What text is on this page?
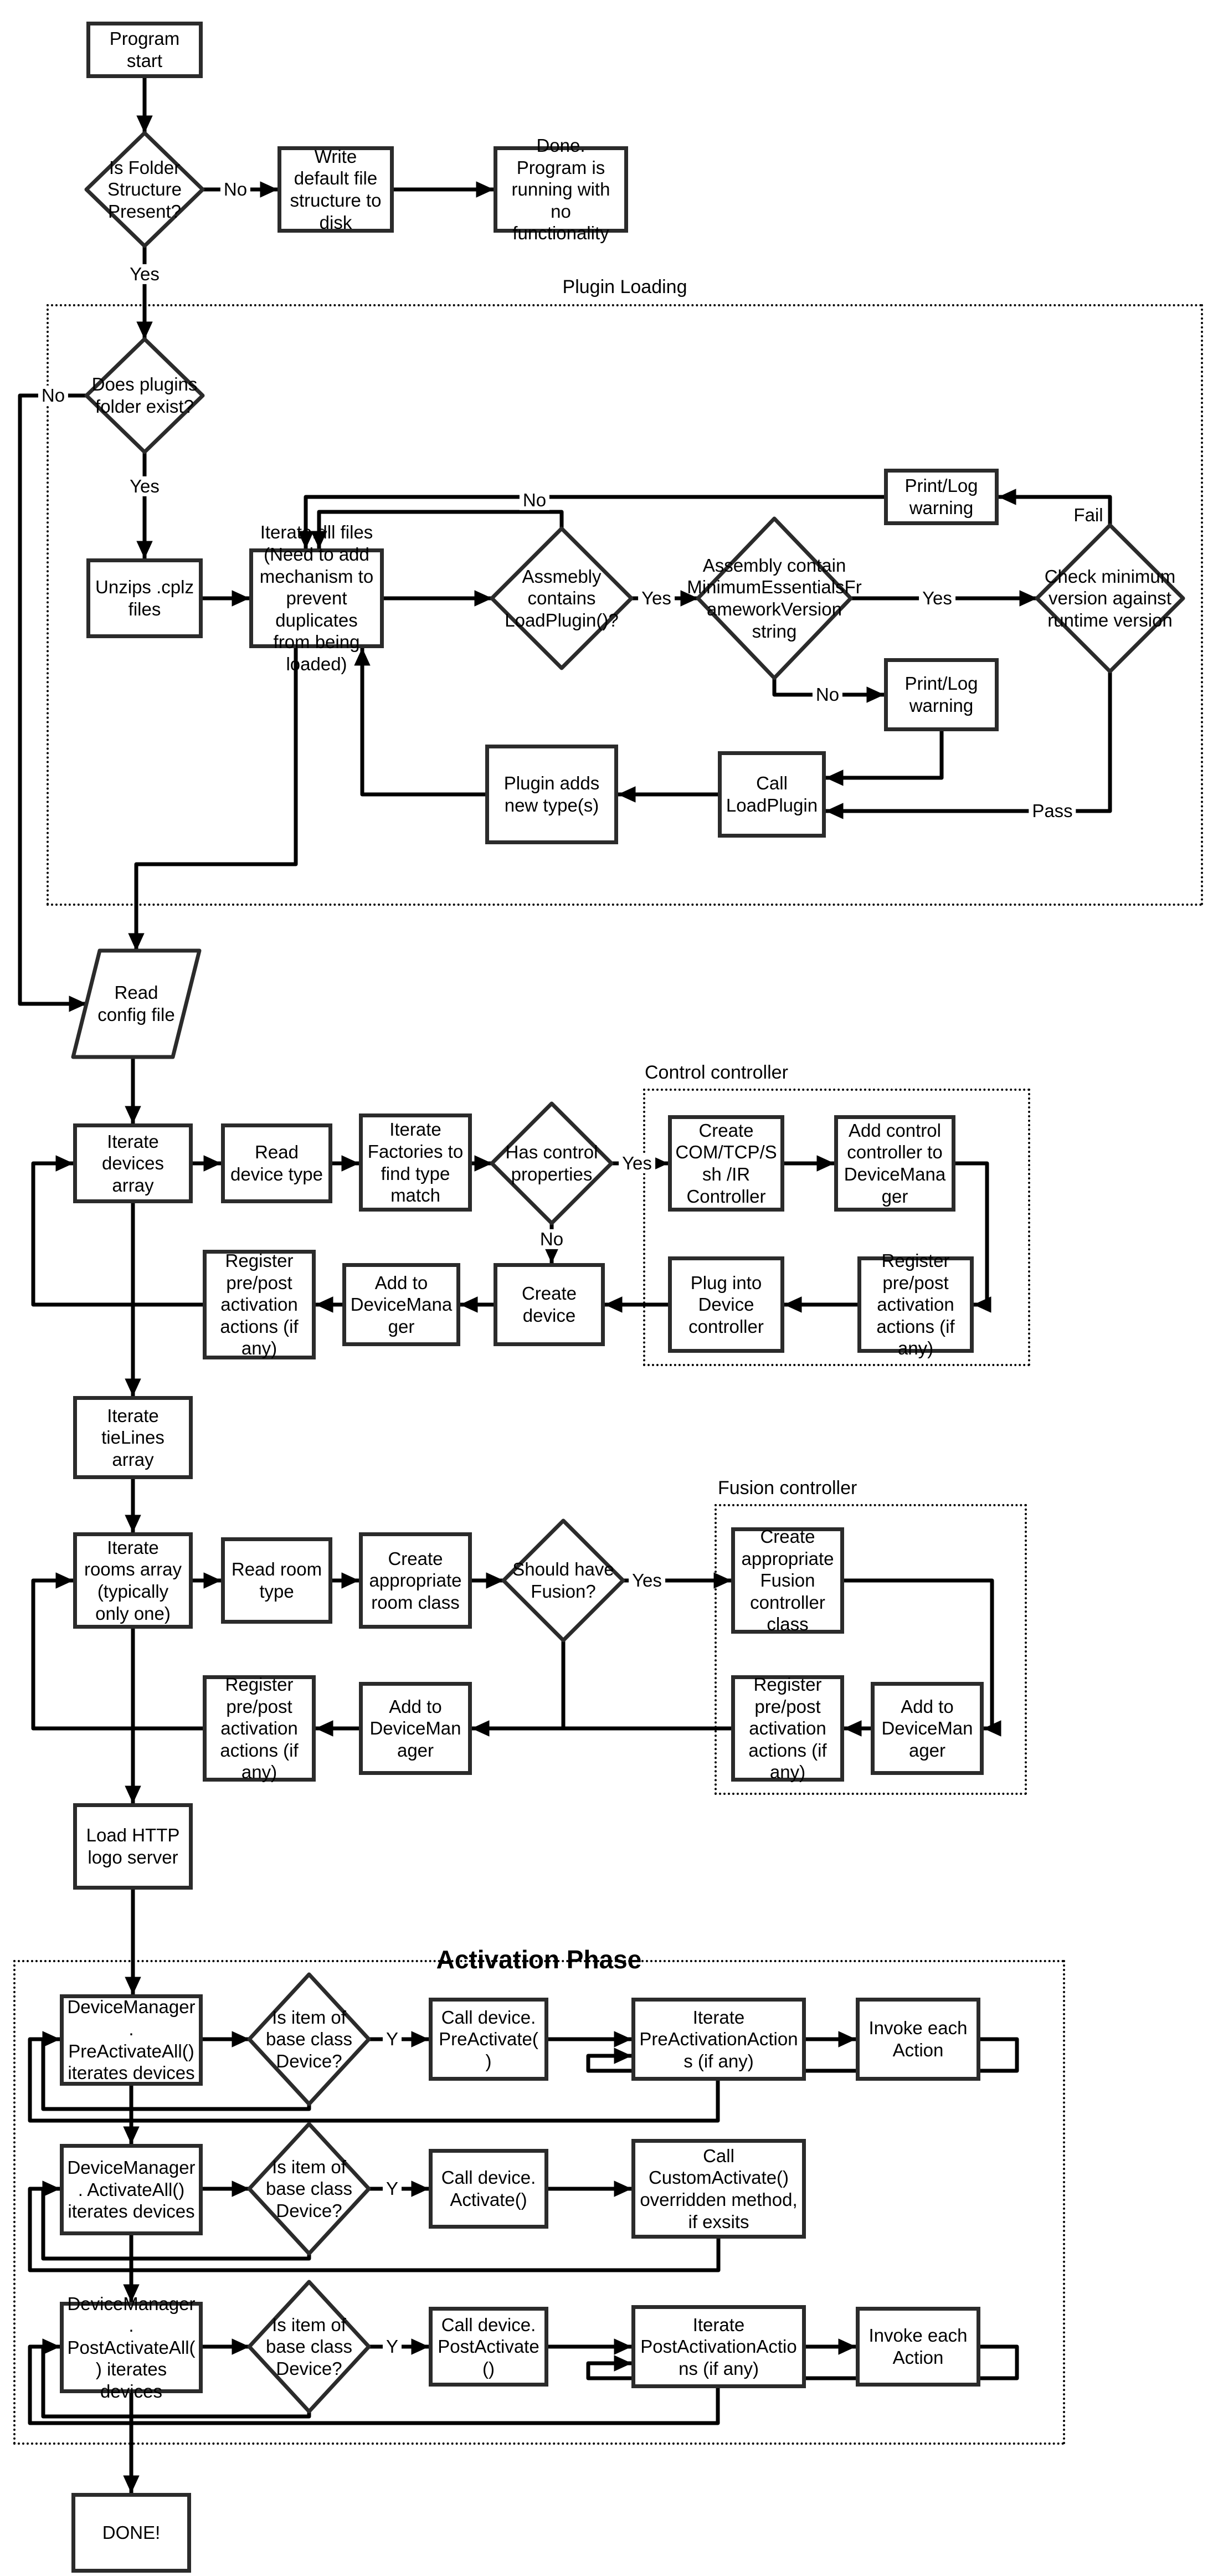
Program start
Write default file structure to disk
Done. Program is running with no functionality
Unzips .cplz files
Iterate.dll files (Need to add mechanism to prevent duplicates from being loaded)
Print/Log warning
Print/Log warning
Call LoadPlugin
Plugin adds new type(s)
Iterate devices array
Read device type
Iterate Factories to find type match
Create COM/TCP/Ssh /IR Controller
Add control controller to DeviceManager
Register pre/post activation actions (if any)
Plug into Device controller
Create device
Add to DeviceManager
Register pre/post activation actions (if any)
Iterate tieLines array
Iterate rooms array (typically only one)
Read room type
Create appropriate room class
Create appropriate Fusion controller class
Register pre/post activation actions (if any)
Add to DeviceManager
Add to DeviceManager
Register pre/post activation actions (if any)
Load HTTP logo server
DeviceManager. PreActivateAll() iterates devices
Call device. PreActivate()
Iterate PreActivationActions (if any)
Invoke each Action
DeviceManager. ActivateAll() iterates devices
Call device. Activate()
Call CustomActivate() overridden method, if exsits
DeviceManager. PostActivateAll() iterates devices
Call device. PostActivate()
Iterate PostActivationActions (if any)
Invoke each Action
DONE!
Is Folder Structure Present?
Does plugins folder exist?
Assmebly contains LoadPlugin()?
Assembly contain MinimumEssentialsFrameworkVersion string
Check minimum version against runtime version
Read config file
Has control properties
Should have Fusion?
Is item of base class Device?
Is item of base class Device?
Is item of base class Device?
No
Yes
No
Yes
Yes
No
Yes
No
Fail
Pass
Yes
No
Yes
Y
Y
Y
Plugin Loading
Control controller
Fusion controller
Activation Phase
